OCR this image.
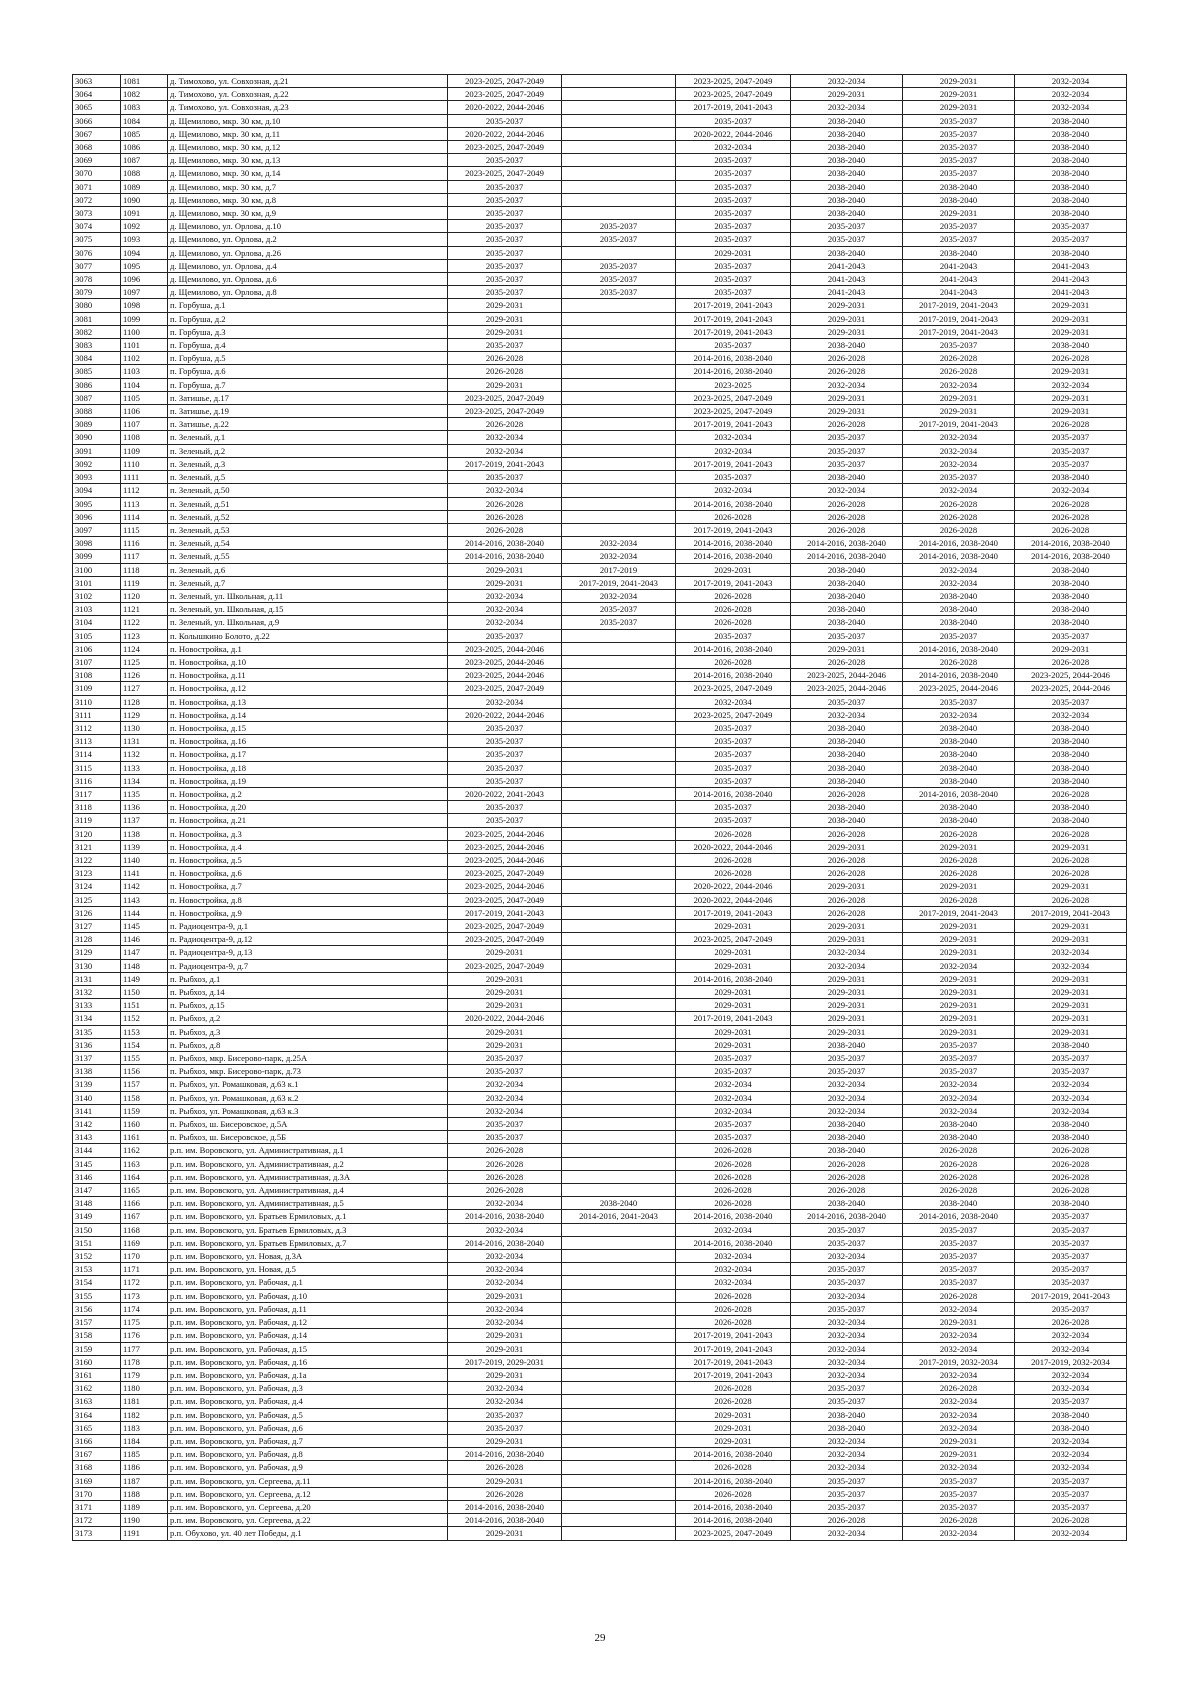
3063	1081	д. Тимохово, ул. Совхозная, д.21	2023-2025, 2047-2049		2023-2025, 2047-2049	2032-2034	2029-2031	2032-2034
3064	1082	д. Тимохово, ул. Совхозная, д.22	2023-2025, 2047-2049		2023-2025, 2047-2049	2029-2031	2029-2031	2032-2034
3065	1083	д. Тимохово, ул. Совхозная, д.23	2020-2022, 2044-2046		2017-2019, 2041-2043	2032-2034	2029-2031	2032-2034
3066	1084	д. Щемилово, мкр. 30 км, д.10	2035-2037		2035-2037	2038-2040	2035-2037	2038-2040
3067	1085	д. Щемилово, мкр. 30 км, д.11	2020-2022, 2044-2046		2020-2022, 2044-2046	2038-2040	2035-2037	2038-2040
3068	1086	д. Щемилово, мкр. 30 км, д.12	2023-2025, 2047-2049		2032-2034	2038-2040	2035-2037	2038-2040
3069	1087	д. Щемилово, мкр. 30 км, д.13	2035-2037		2035-2037	2038-2040	2035-2037	2038-2040
3070	1088	д. Щемилово, мкр. 30 км, д.14	2023-2025, 2047-2049		2035-2037	2038-2040	2035-2037	2038-2040
3071	1089	д. Щемилово, мкр. 30 км, д.7	2035-2037		2035-2037	2038-2040	2038-2040	2038-2040
3072	1090	д. Щемилово, мкр. 30 км, д.8	2035-2037		2035-2037	2038-2040	2038-2040	2038-2040
3073	1091	д. Щемилово, мкр. 30 км, д.9	2035-2037		2035-2037	2038-2040	2029-2031	2038-2040
3074	1092	д. Щемилово, ул. Орлова, д.10	2035-2037	2035-2037	2035-2037	2035-2037	2035-2037	2035-2037
3075	1093	д. Щемилово, ул. Орлова, д.2	2035-2037	2035-2037	2035-2037	2035-2037	2035-2037	2035-2037
3076	1094	д. Щемилово, ул. Орлова, д.26	2035-2037		2029-2031	2038-2040	2038-2040	2038-2040
3077	1095	д. Щемилово, ул. Орлова, д.4	2035-2037	2035-2037	2035-2037	2041-2043	2041-2043	2041-2043
3078	1096	д. Щемилово, ул. Орлова, д.6	2035-2037	2035-2037	2035-2037	2041-2043	2041-2043	2041-2043
3079	1097	д. Щемилово, ул. Орлова, д.8	2035-2037	2035-2037	2035-2037	2041-2043	2041-2043	2041-2043
3080	1098	п. Горбуша, д.1	2029-2031		2017-2019, 2041-2043	2029-2031	2017-2019, 2041-2043	2029-2031
3081	1099	п. Горбуша, д.2	2029-2031		2017-2019, 2041-2043	2029-2031	2017-2019, 2041-2043	2029-2031
3082	1100	п. Горбуша, д.3	2029-2031		2017-2019, 2041-2043	2029-2031	2017-2019, 2041-2043	2029-2031
3083	1101	п. Горбуша, д.4	2035-2037		2035-2037	2038-2040	2035-2037	2038-2040
3084	1102	п. Горбуша, д.5	2026-2028		2014-2016, 2038-2040	2026-2028	2026-2028	2026-2028
3085	1103	п. Горбуша, д.6	2026-2028		2014-2016, 2038-2040	2026-2028	2026-2028	2029-2031
3086	1104	п. Горбуша, д.7	2029-2031		2023-2025	2032-2034	2032-2034	2032-2034
3087	1105	п. Затишье, д.17	2023-2025, 2047-2049		2023-2025, 2047-2049	2029-2031	2029-2031	2029-2031
3088	1106	п. Затишье, д.19	2023-2025, 2047-2049		2023-2025, 2047-2049	2029-2031	2029-2031	2029-2031
3089	1107	п. Затишье, д.22	2026-2028		2017-2019, 2041-2043	2026-2028	2017-2019, 2041-2043	2026-2028
3090	1108	п. Зеленый, д.1	2032-2034		2032-2034	2035-2037	2032-2034	2035-2037
3091	1109	п. Зеленый, д.2	2032-2034		2032-2034	2035-2037	2032-2034	2035-2037
3092	1110	п. Зеленый, д.3	2017-2019, 2041-2043		2017-2019, 2041-2043	2035-2037	2032-2034	2035-2037
3093	1111	п. Зеленый, д.5	2035-2037		2035-2037	2038-2040	2035-2037	2038-2040
3094	1112	п. Зеленый, д.50	2032-2034		2032-2034	2032-2034	2032-2034	2032-2034
3095	1113	п. Зеленый, д.51	2026-2028		2014-2016, 2038-2040	2026-2028	2026-2028	2026-2028
3096	1114	п. Зеленый, д.52	2026-2028		2026-2028	2026-2028	2026-2028	2026-2028
3097	1115	п. Зеленый, д.53	2026-2028		2017-2019, 2041-2043	2026-2028	2026-2028	2026-2028
3098	1116	п. Зеленый, д.54	2014-2016, 2038-2040	2032-2034	2014-2016, 2038-2040	2014-2016, 2038-2040	2014-2016, 2038-2040	2014-2016, 2038-2040
3099	1117	п. Зеленый, д.55	2014-2016, 2038-2040	2032-2034	2014-2016, 2038-2040	2014-2016, 2038-2040	2014-2016, 2038-2040	2014-2016, 2038-2040
3100	1118	п. Зеленый, д.6	2029-2031	2017-2019	2029-2031	2038-2040	2032-2034	2038-2040
3101	1119	п. Зеленый, д.7	2029-2031	2017-2019, 2041-2043	2017-2019, 2041-2043	2038-2040	2032-2034	2038-2040
3102	1120	п. Зеленый, ул. Школьная, д.11	2032-2034	2032-2034	2026-2028	2038-2040	2038-2040	2038-2040
3103	1121	п. Зеленый, ул. Школьная, д.15	2032-2034	2035-2037	2026-2028	2038-2040	2038-2040	2038-2040
3104	1122	п. Зеленый, ул. Школьная, д.9	2032-2034	2035-2037	2026-2028	2038-2040	2038-2040	2038-2040
3105	1123	п. Колышкино Болото, д.22	2035-2037		2035-2037	2035-2037	2035-2037	2035-2037
3106	1124	п. Новостройка, д.1	2023-2025, 2044-2046		2014-2016, 2038-2040	2029-2031	2014-2016, 2038-2040	2029-2031
3107	1125	п. Новостройка, д.10	2023-2025, 2044-2046		2026-2028	2026-2028	2026-2028	2026-2028
3108	1126	п. Новостройка, д.11	2023-2025, 2044-2046		2014-2016, 2038-2040	2023-2025, 2044-2046	2014-2016, 2038-2040	2023-2025, 2044-2046
3109	1127	п. Новостройка, д.12	2023-2025, 2047-2049		2023-2025, 2047-2049	2023-2025, 2044-2046	2023-2025, 2044-2046	2023-2025, 2044-2046
3110	1128	п. Новостройка, д.13	2032-2034		2032-2034	2035-2037	2035-2037	2035-2037
3111	1129	п. Новостройка, д.14	2020-2022, 2044-2046		2023-2025, 2047-2049	2032-2034	2032-2034	2032-2034
3112	1130	п. Новостройка, д.15	2035-2037		2035-2037	2038-2040	2038-2040	2038-2040
3113	1131	п. Новостройка, д.16	2035-2037		2035-2037	2038-2040	2038-2040	2038-2040
3114	1132	п. Новостройка, д.17	2035-2037		2035-2037	2038-2040	2038-2040	2038-2040
3115	1133	п. Новостройка, д.18	2035-2037		2035-2037	2038-2040	2038-2040	2038-2040
3116	1134	п. Новостройка, д.19	2035-2037		2035-2037	2038-2040	2038-2040	2038-2040
3117	1135	п. Новостройка, д.2	2020-2022, 2041-2043		2014-2016, 2038-2040	2026-2028	2014-2016, 2038-2040	2026-2028
3118	1136	п. Новостройка, д.20	2035-2037		2035-2037	2038-2040	2038-2040	2038-2040
3119	1137	п. Новостройка, д.21	2035-2037		2035-2037	2038-2040	2038-2040	2038-2040
3120	1138	п. Новостройка, д.3	2023-2025, 2044-2046		2026-2028	2026-2028	2026-2028	2026-2028
3121	1139	п. Новостройка, д.4	2023-2025, 2044-2046		2020-2022, 2044-2046	2029-2031	2029-2031	2029-2031
3122	1140	п. Новостройка, д.5	2023-2025, 2044-2046		2026-2028	2026-2028	2026-2028	2026-2028
3123	1141	п. Новостройка, д.6	2023-2025, 2047-2049		2026-2028	2026-2028	2026-2028	2026-2028
3124	1142	п. Новостройка, д.7	2023-2025, 2044-2046		2020-2022, 2044-2046	2029-2031	2029-2031	2029-2031
3125	1143	п. Новостройка, д.8	2023-2025, 2047-2049		2020-2022, 2044-2046	2026-2028	2026-2028	2026-2028
3126	1144	п. Новостройка, д.9	2017-2019, 2041-2043		2017-2019, 2041-2043	2026-2028	2017-2019, 2041-2043	2017-2019, 2041-2043
3127	1145	п. Радиоцентра-9, д.1	2023-2025, 2047-2049		2029-2031	2029-2031	2029-2031	2029-2031
3128	1146	п. Радиоцентра-9, д.12	2023-2025, 2047-2049		2023-2025, 2047-2049	2029-2031	2029-2031	2029-2031
3129	1147	п. Радиоцентра-9, д.13	2029-2031		2029-2031	2032-2034	2029-2031	2032-2034
3130	1148	п. Радиоцентра-9, д.7	2023-2025, 2047-2049		2029-2031	2032-2034	2032-2034	2032-2034
3131	1149	п. Рыбхоз, д.1	2029-2031		2014-2016, 2038-2040	2029-2031	2029-2031	2029-2031
3132	1150	п. Рыбхоз, д.14	2029-2031		2029-2031	2029-2031	2029-2031	2029-2031
3133	1151	п. Рыбхоз, д.15	2029-2031		2029-2031	2029-2031	2029-2031	2029-2031
3134	1152	п. Рыбхоз, д.2	2020-2022, 2044-2046		2017-2019, 2041-2043	2029-2031	2029-2031	2029-2031
3135	1153	п. Рыбхоз, д.3	2029-2031		2029-2031	2029-2031	2029-2031	2029-2031
3136	1154	п. Рыбхоз, д.8	2029-2031		2029-2031	2038-2040	2035-2037	2038-2040
3137	1155	п. Рыбхоз, мкр. Бисерово-парк, д.25А	2035-2037		2035-2037	2035-2037	2035-2037	2035-2037
3138	1156	п. Рыбхоз, мкр. Бисерово-парк, д.73	2035-2037		2035-2037	2035-2037	2035-2037	2035-2037
3139	1157	п. Рыбхоз, ул. Ромашковая, д.63 к.1	2032-2034		2032-2034	2032-2034	2032-2034	2032-2034
3140	1158	п. Рыбхоз, ул. Ромашковая, д.63 к.2	2032-2034		2032-2034	2032-2034	2032-2034	2032-2034
3141	1159	п. Рыбхоз, ул. Ромашковая, д.63 к.3	2032-2034		2032-2034	2032-2034	2032-2034	2032-2034
3142	1160	п. Рыбхоз, ш. Бисеровское, д.5А	2035-2037		2035-2037	2038-2040	2038-2040	2038-2040
3143	1161	п. Рыбхоз, ш. Бисеровское, д.5Б	2035-2037		2035-2037	2038-2040	2038-2040	2038-2040
3144	1162	р.п. им. Воровского, ул. Административная, д.1	2026-2028		2026-2028	2038-2040	2026-2028	2026-2028
3145	1163	р.п. им. Воровского, ул. Административная, д.2	2026-2028		2026-2028	2026-2028	2026-2028	2026-2028
3146	1164	р.п. им. Воровского, ул. Административная, д.3А	2026-2028		2026-2028	2026-2028	2026-2028	2026-2028
3147	1165	р.п. им. Воровского, ул. Административная, д.4	2026-2028		2026-2028	2026-2028	2026-2028	2026-2028
3148	1166	р.п. им. Воровского, ул. Административная, д.5	2032-2034	2038-2040	2026-2028	2038-2040	2038-2040	2038-2040
3149	1167	р.п. им. Воровского, ул. Братьев Ермиловых, д.1	2014-2016, 2038-2040	2014-2016, 2041-2043	2014-2016, 2038-2040	2014-2016, 2038-2040	2014-2016, 2038-2040	2035-2037
3150	1168	р.п. им. Воровского, ул. Братьев Ермиловых, д.3	2032-2034		2032-2034	2035-2037	2035-2037	2035-2037
3151	1169	р.п. им. Воровского, ул. Братьев Ермиловых, д.7	2014-2016, 2038-2040		2014-2016, 2038-2040	2035-2037	2035-2037	2035-2037
3152	1170	р.п. им. Воровского, ул. Новая, д.3А	2032-2034		2032-2034	2032-2034	2035-2037	2035-2037
3153	1171	р.п. им. Воровского, ул. Новая, д.5	2032-2034		2032-2034	2035-2037	2035-2037	2035-2037
3154	1172	р.п. им. Воровского, ул. Рабочая, д.1	2032-2034		2032-2034	2035-2037	2035-2037	2035-2037
3155	1173	р.п. им. Воровского, ул. Рабочая, д.10	2029-2031		2026-2028	2032-2034	2026-2028	2017-2019, 2041-2043
3156	1174	р.п. им. Воровского, ул. Рабочая, д.11	2032-2034		2026-2028	2035-2037	2032-2034	2035-2037
3157	1175	р.п. им. Воровского, ул. Рабочая, д.12	2032-2034		2026-2028	2032-2034	2029-2031	2026-2028
3158	1176	р.п. им. Воровского, ул. Рабочая, д.14	2029-2031		2017-2019, 2041-2043	2032-2034	2032-2034	2032-2034
3159	1177	р.п. им. Воровского, ул. Рабочая, д.15	2029-2031		2017-2019, 2041-2043	2032-2034	2032-2034	2032-2034
3160	1178	р.п. им. Воровского, ул. Рабочая, д.16	2017-2019, 2029-2031		2017-2019, 2041-2043	2032-2034	2017-2019, 2032-2034	2017-2019, 2032-2034
3161	1179	р.п. им. Воровского, ул. Рабочая, д.1а	2029-2031		2017-2019, 2041-2043	2032-2034	2032-2034	2032-2034
3162	1180	р.п. им. Воровского, ул. Рабочая, д.3	2032-2034		2026-2028	2035-2037	2026-2028	2032-2034
3163	1181	р.п. им. Воровского, ул. Рабочая, д.4	2032-2034		2026-2028	2035-2037	2032-2034	2035-2037
3164	1182	р.п. им. Воровского, ул. Рабочая, д.5	2035-2037		2029-2031	2038-2040	2032-2034	2038-2040
3165	1183	р.п. им. Воровского, ул. Рабочая, д.6	2035-2037		2029-2031	2038-2040	2032-2034	2038-2040
3166	1184	р.п. им. Воровского, ул. Рабочая, д.7	2029-2031		2029-2031	2032-2034	2029-2031	2032-2034
3167	1185	р.п. им. Воровского, ул. Рабочая, д.8	2014-2016, 2038-2040		2014-2016, 2038-2040	2032-2034	2029-2031	2032-2034
3168	1186	р.п. им. Воровского, ул. Рабочая, д.9	2026-2028		2026-2028	2032-2034	2032-2034	2032-2034
3169	1187	р.п. им. Воровского, ул. Сергеева, д.11	2029-2031		2014-2016, 2038-2040	2035-2037	2035-2037	2035-2037
3170	1188	р.п. им. Воровского, ул. Сергеева, д.12	2026-2028		2026-2028	2035-2037	2035-2037	2035-2037
3171	1189	р.п. им. Воровского, ул. Сергеева, д.20	2014-2016, 2038-2040		2014-2016, 2038-2040	2035-2037	2035-2037	2035-2037
3172	1190	р.п. им. Воровского, ул. Сергеева, д.22	2014-2016, 2038-2040		2014-2016, 2038-2040	2026-2028	2026-2028	2026-2028
3173	1191	р.п. Обухово, ул. 40 лет Победы, д.1	2029-2031		2023-2025, 2047-2049	2032-2034	2032-2034	2032-2034
29
